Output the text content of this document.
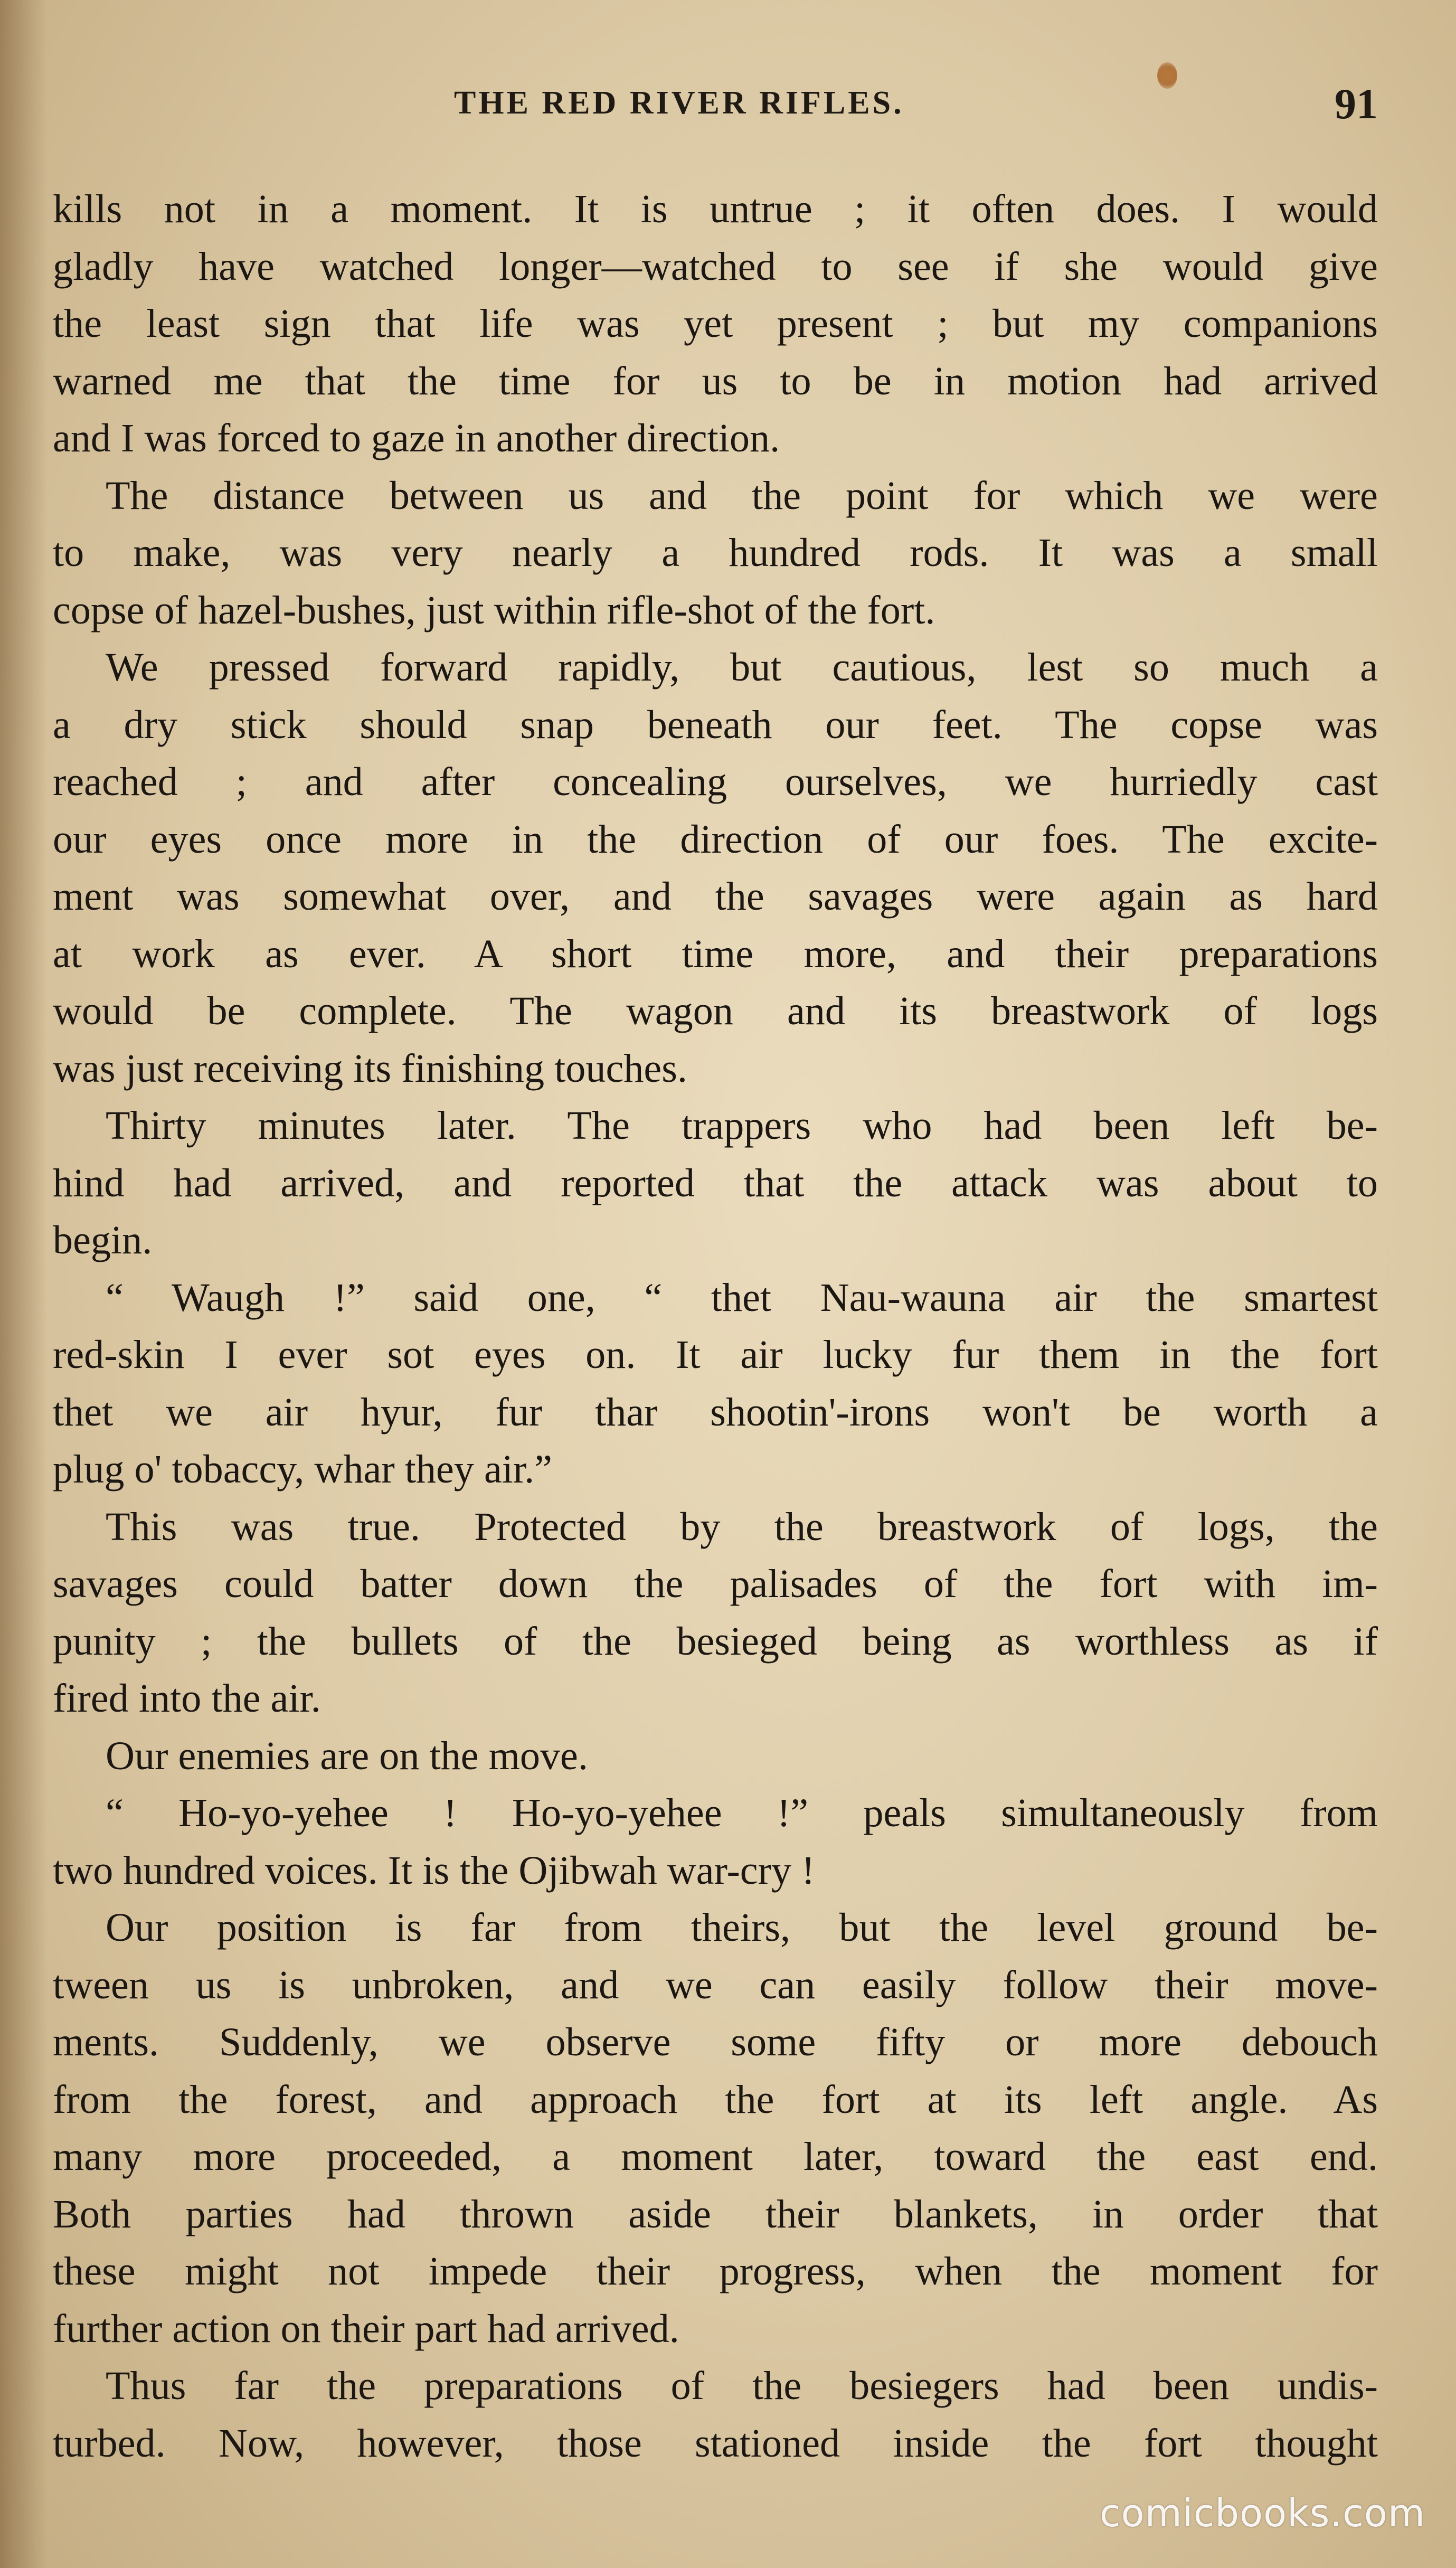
THE RED RIVER RIFLES.	91
kills not in a moment. It is untrue ; it often does. I would
gladly have watched longer—watched to see if she would give
the least sign that life was yet present ; but my companions
warned me that the time for us to be in motion had arrived
and I was forced to gaze in another direction.
The distance between us and the point for which we were
to make, was very nearly a hundred rods. It was a small
copse of hazel-bushes, just within rifle-shot of the fort.
We pressed forward rapidly, but cautious, lest so much a
a dry stick should snap beneath our feet. The copse was
reached ; and after concealing ourselves, we hurriedly cast
our eyes once more in the direction of our foes. The excite-
ment was somewhat over, and the savages were again as hard
at work as ever. A short time more, and their preparations
would be complete. The wagon and its breastwork of logs
was just receiving its finishing touches.
Thirty minutes later. The trappers who had been left be-
hind had arrived, and reported that the attack was about to
begin.
“ Waugh !” said one, “ thet Nau-wauna air the smartest
red-skin I ever sot eyes on. It air lucky fur them in the fort
thet we air hyur, fur thar shootin'-irons won't be worth a
plug o' tobaccy, whar they air.”
This was true. Protected by the breastwork of logs, the
savages could batter down the palisades of the fort with im-
punity ; the bullets of the besieged being as worthless as if
fired into the air.
Our enemies are on the move.
“ Ho-yo-yehee ! Ho-yo-yehee !” peals simultaneously from
two hundred voices. It is the Ojibwah war-cry !
Our position is far from theirs, but the level ground be-
tween us is unbroken, and we can easily follow their move-
ments. Suddenly, we observe some fifty or more debouch
from the forest, and approach the fort at its left angle. As
many more proceeded, a moment later, toward the east end.
Both parties had thrown aside their blankets, in order that
these might not impede their progress, when the moment for
further action on their part had arrived.
Thus far the preparations of the besiegers had been undis-
turbed. Now, however, those stationed inside the fort thought
comicbooks.com
